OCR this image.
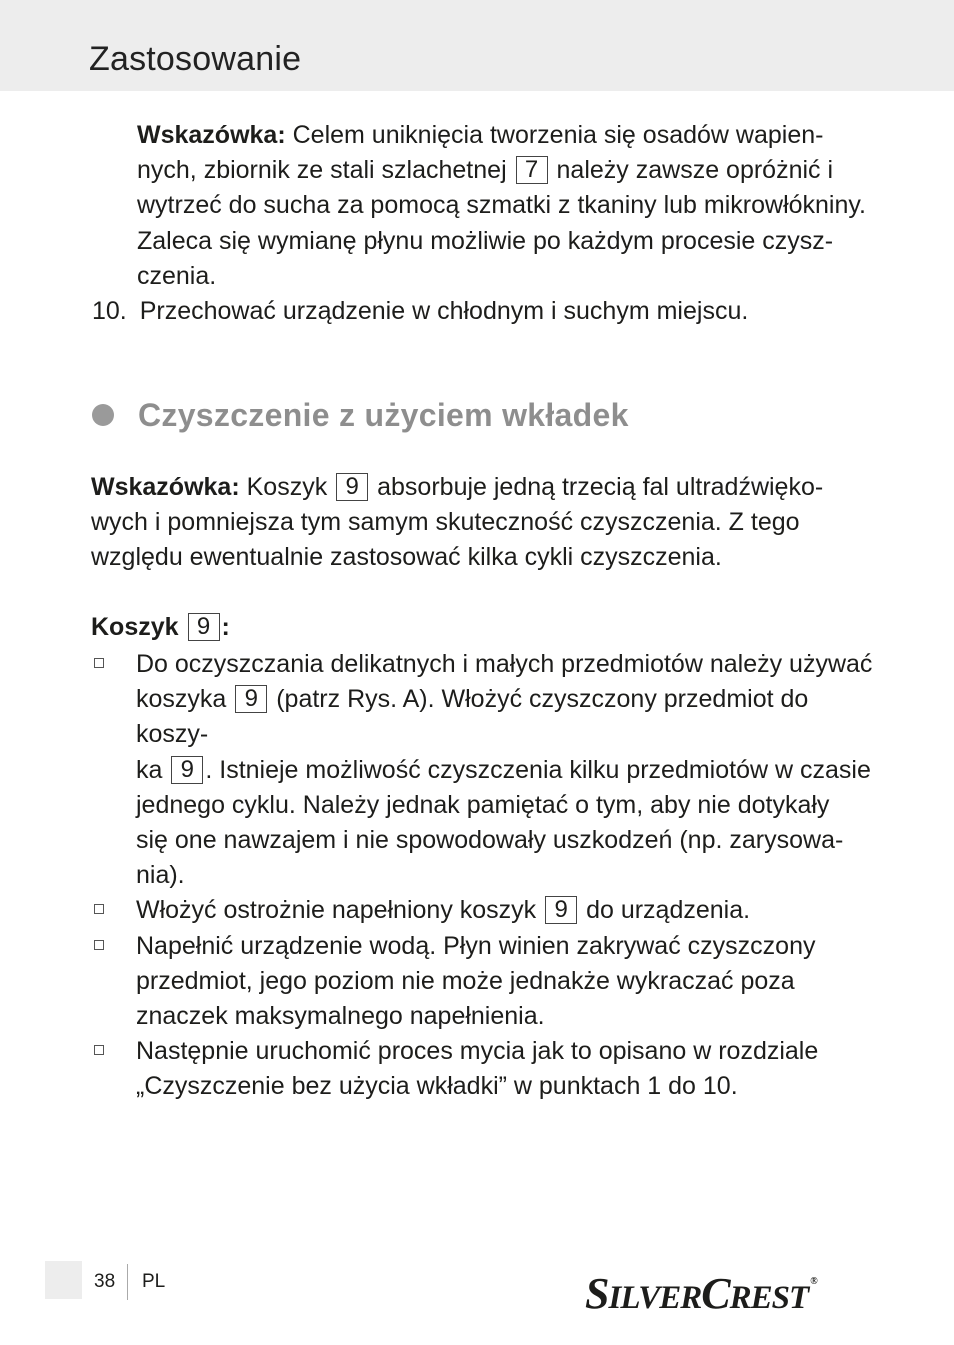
Zastosowanie
Wskazówka: Celem uniknięcia tworzenia się osadów wapien-
nych, zbiornik ze stali szlachetnej 7 należy zawsze opróżnić i
wytrzeć do sucha za pomocą szmatki z tkaniny lub mikrowłókniny.
Zaleca się wymianę płynu możliwie po każdym procesie czysz-
czenia.
10. Przechować urządzenie w chłodnym i suchym miejscu.
Czyszczenie z użyciem wkładek
Wskazówka: Koszyk 9 absorbuje jedną trzecią fal ultradźwięko-
wych i pomniejsza tym samym skuteczność czyszczenia. Z tego
względu ewentualnie zastosować kilka cykli czyszczenia.
Koszyk 9 :
Do oczyszczania delikatnych i małych przedmiotów należy używać
koszyka 9 (patrz Rys. A). Włożyć czyszczony przedmiot do koszy-
ka 9 . Istnieje możliwość czyszczenia kilku przedmiotów w czasie
jednego cyklu. Należy jednak pamiętać o tym, aby nie dotykały
się one nawzajem i nie spowodowały uszkodzeń (np. zarysowa-
nia).
Włożyć ostrożnie napełniony koszyk 9 do urządzenia.
Napełnić urządzenie wodą. Płyn winien zakrywać czyszczony
przedmiot, jego poziom nie może jednakże wykraczać poza
znaczek maksymalnego napełnienia.
Następnie uruchomić proces mycia jak to opisano w rozdziale
„Czyszczenie bez użycia wkładki” w punktach 1 do 10.
38 PL	SILVERCREST ®
